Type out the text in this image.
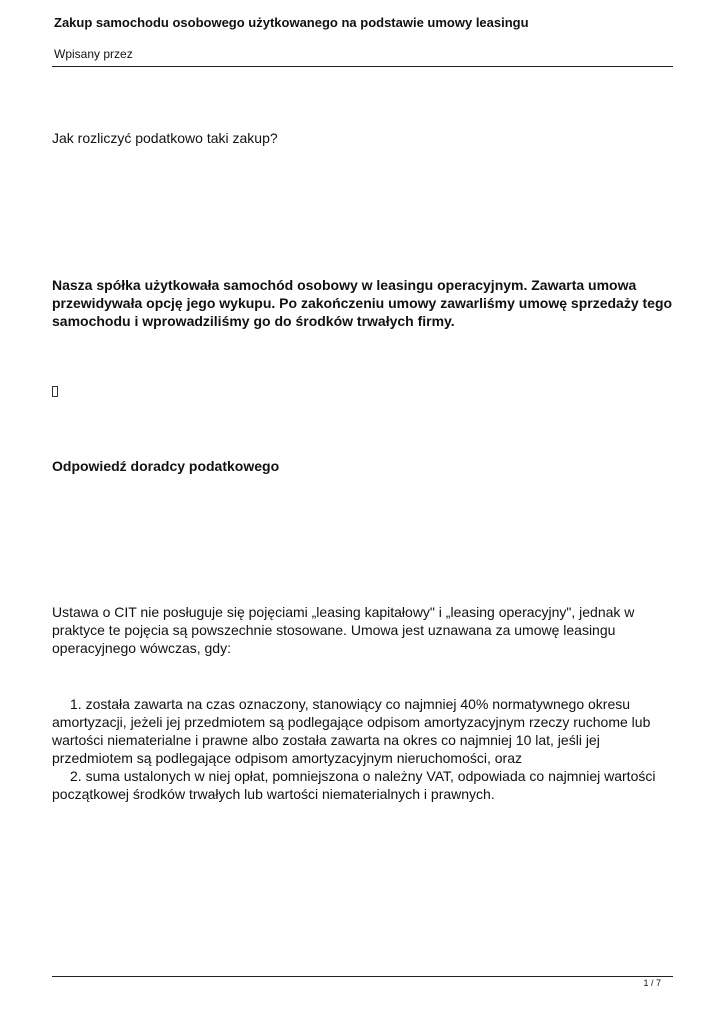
Zakup samochodu osobowego użytkowanego na podstawie umowy leasingu
Wpisany przez
Jak rozliczyć podatkowo taki zakup?
Nasza spółka użytkowała samochód osobowy w leasingu operacyjnym. Zawarta umowa przewidywała opcję jego wykupu. Po zakończeniu umowy zawarliśmy umowę sprzedaży tego samochodu i wprowadziliśmy go do środków trwałych firmy.
Odpowiedź doradcy podatkowego
Ustawa o CIT nie posługuje się pojęciami „leasing kapitałowy" i „leasing operacyjny", jednak w praktyce te pojęcia są powszechnie stosowane. Umowa jest uznawana za umowę leasingu operacyjnego wówczas, gdy:
1. została zawarta na czas oznaczony, stanowiący co najmniej 40% normatywnego okresu amortyzacji, jeżeli jej przedmiotem są podlegające odpisom amortyzacyjnym rzeczy ruchome lub wartości niematerialne i prawne albo została zawarta na okres co najmniej 10 lat, jeśli jej przedmiotem są podlegające odpisom amortyzacyjnym nieruchomości, oraz
2. suma ustalonych w niej opłat, pomniejszona o należny VAT, odpowiada co najmniej wartości początkowej środków trwałych lub wartości niematerialnych i prawnych.
1 / 7
